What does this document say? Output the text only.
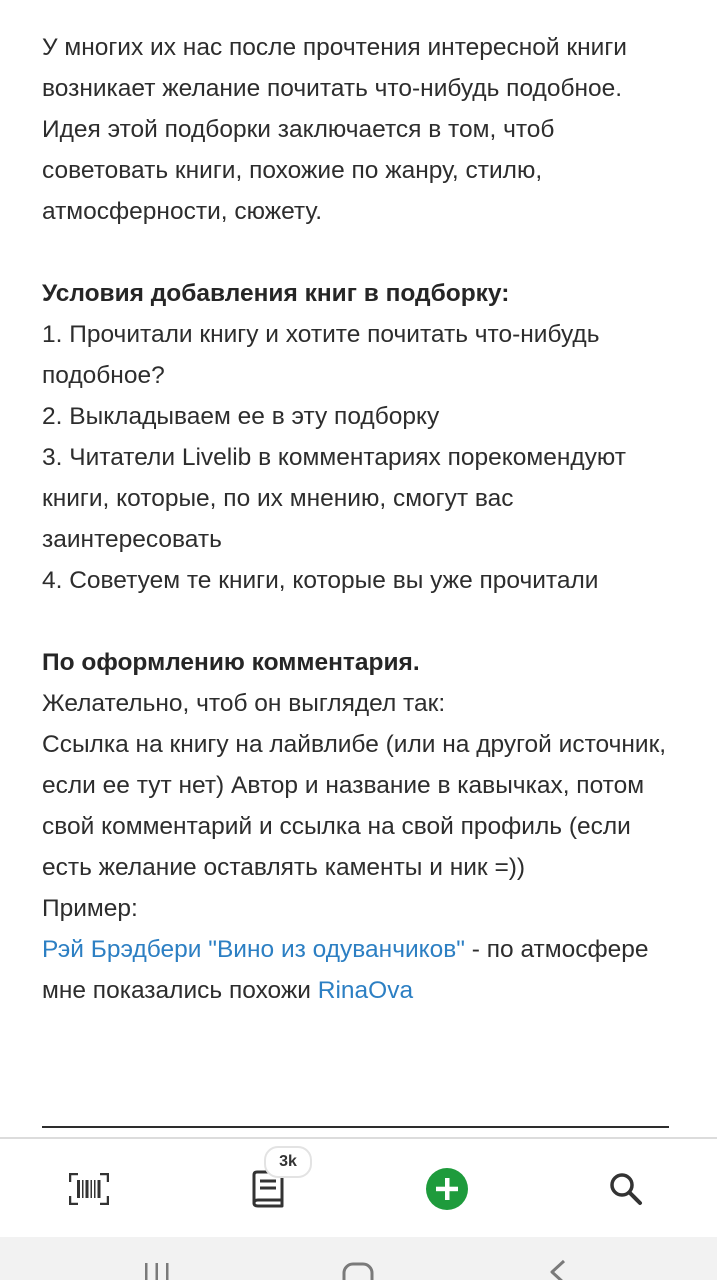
У многих их нас после прочтения интересной книги возникает желание почитать что-нибудь подобное.

Идея этой подборки заключается в том, чтоб советовать книги, похожие по жанру, стилю, атмосферности, сюжету.

Условия добавления книг в подборку:

1. Прочитали книгу и хотите почитать что-нибудь подобное?

2. Выкладываем ее в эту подборку

3. Читатели Livelib в комментариях порекомендуют книги, которые, по их мнению, смогут вас заинтересовать

4. Советуем те книги, которые вы уже прочитали

По оформлению комментария.

Желательно, чтоб он выглядел так:

Ссылка на книгу на лайвлибе (или на другой источник, если ее тут нет) Автор и название в кавычках, потом свой комментарий и ссылка на свой профиль (если есть желание оставлять каменты и ник =))

Пример:

Рэй Брэдбери "Вино из одуванчиков" - по атмосфере мне показались похожи RinaOva

3k
